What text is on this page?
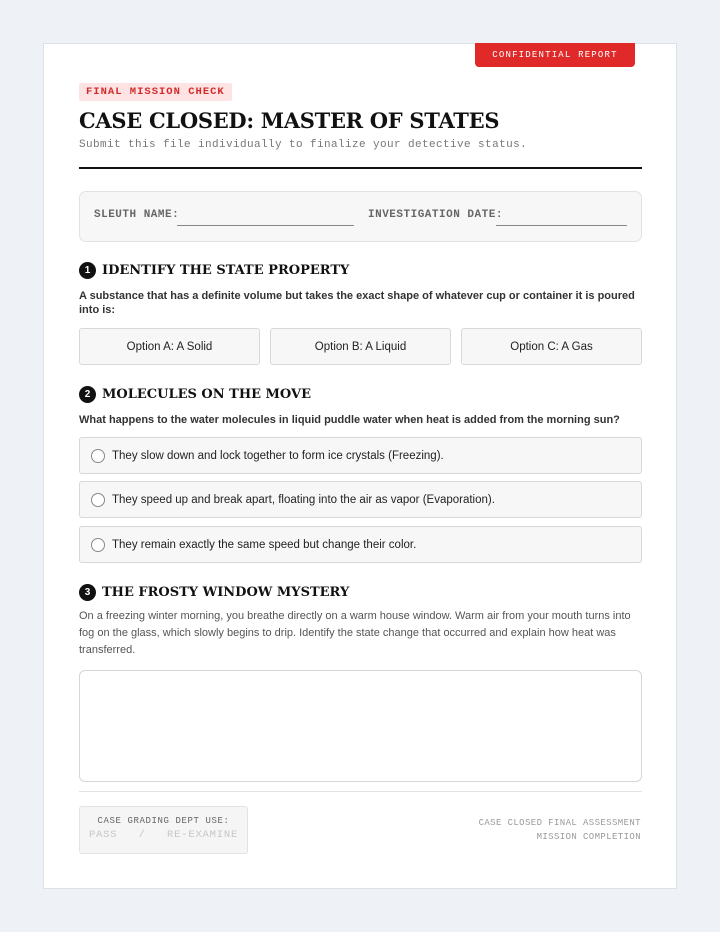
CONFIDENTIAL REPORT
FINAL MISSION CHECK
CASE CLOSED: MASTER OF STATES
Submit this file individually to finalize your detective status.
SLEUTH NAME:	INVESTIGATION DATE:
1 IDENTIFY THE STATE PROPERTY
A substance that has a definite volume but takes the exact shape of whatever cup or container it is poured into is:
Option A: A Solid	Option B: A Liquid	Option C: A Gas
2 MOLECULES ON THE MOVE
What happens to the water molecules in liquid puddle water when heat is added from the morning sun?
They slow down and lock together to form ice crystals (Freezing).
They speed up and break apart, floating into the air as vapor (Evaporation).
They remain exactly the same speed but change their color.
3 THE FROSTY WINDOW MYSTERY
On a freezing winter morning, you breathe directly on a warm house window. Warm air from your mouth turns into fog on the glass, which slowly begins to drip. Identify the state change that occurred and explain how heat was transferred.
CASE GRADING DEPT USE:
PASS   /   RE-EXAMINE
CASE CLOSED FINAL ASSESSMENT
MISSION COMPLETION
